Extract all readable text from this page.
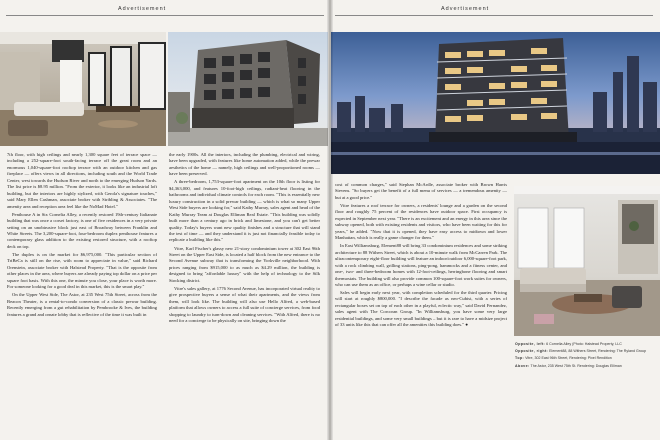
Advertisement

7th floor, with high ceilings and nearly 1,300 square feet of terrace space — including a 252-square-foot south-facing terrace off the great room and an enormous 1,040-square-foot rooftop terrace with an outdoor kitchen and gas fireplace — offers views in all directions, including south and the World Trade Center, west towards the Hudson River and north to the emerging Hudson Yards. The list price is $8.95 million. "From the exterior, it looks like an industrial loft building, but the interiors are highly stylized, with Gerola's signature touches," said Mary Ellen Cashman, associate broker with Stribling & Associates. "The amenity area and reception area feel like the NoMad Hotel."

Penthouse A in Six Cornelia Alley, a recently restored 19th-century Italianate building that was once a corset factory, is one of five residences in a very private setting on an unobtrusive block just east of Broadway between Franklin and White Streets. The 3,200-square-foot, four-bedroom duplex penthouse features a contemporary glass addition to the existing restored structure, with a rooftop deck on top.

The duplex is on the market for $6,975,000. "This particular section of TriBeCa is still on the rise, with room to appreciate in value," said Richard Orenstein, associate broker with Halstead Property. "That is the opposite from other places in the area, where buyers are already paying top dollar on a price per square foot basis. With this one, the minute you close, your place is worth more. For someone looking for a good deal in this market, this is the smart play."

On the Upper West Side, The Astor, at 235 West 75th Street, across from the Beacon Theater, is a rental-to-condo conversion of a classic prewar building. Recently emerging from a gut rehabilitation by Pembrooke & Ives, the building features a grand and ornate lobby that is reflective of the time it was built in

the early 1900s. All the interiors, including the plumbing, electrical and wiring, have been upgraded, with features like home automation added, while the prewar aesthetics of the home — namely, high ceilings and well-proportioned rooms — have been preserved.

A three-bedroom, 1,753-square-foot apartment on the 10th floor is listing for $4,363,000, and features 10-foot-high ceilings, radiant-heat flooring in the bathrooms and individual climate controls for each room. "This is essentially new luxury construction in a solid prewar building — which is what so many Upper West Side buyers are looking for," said Kathy Murray, sales agent and head of the Kathy Murray Team at Douglas Elliman Real Estate. "This building was solidly built more than a century ago in brick and limestone, and you can't get better quality. Today's buyers want new quality finishes and a structure that will stand the test of time — and they understand it is just not financially feasible today to replicate a building like this."

Vitre, Karl Fischer's glassy new 21-story condominium tower at 302 East 96th Street on the Upper East Side, is located a half block from the new entrance to the Second Avenue subway that is transforming the Yorkville neighborhood. With prices ranging from $915,000 to as much as $4.29 million, the building is designed to bring "affordable luxury" with the help of technology to the Silk Stocking district.

Vitre's sales gallery, at 1776 Second Avenue, has incorporated virtual reality to give prospective buyers a sense of what their apartments, and the views from them, will look like. The building will also use Hello Alfred, a web-based platform that allows owners to access a full suite of concierge services, from food shopping to laundry to turn-down and cleaning services. "With Alfred, there is no need for a concierge to be physically on site, bringing down the

Advertisement

cost of common charges," said Stephan McArdle, associate broker with Brown Harris Stevens. "So buyers get the benefit of a full menu of services — a tremendous amenity — but at a good price."

Vitre features a roof terrace for owners, a residents' lounge and a garden on the second floor and roughly 75 percent of the residences have outdoor space. First occupancy is expected in September next year. "There is an excitement and an energy in this area since the subway opened, both with existing residents and visitors, who have been waiting for this for years," he added. "Now that it is opened, they have easy access to midtown and lower Manhattan, which is really a game changer for them."

In East Williamsburg, Element88 will bring 33 condominium residences and some striking architecture to 88 Withers Street, which is about a 10-minute walk from McCarren Park. The ultracontemporary eight-floor building will feature an indoor/outdoor 6,000-square-foot park, with a rock climbing wall, grilling stations, ping-pong, hammocks and a fitness center, and one-, two- and three-bedroom homes with 12-foot-ceilings, herringbone flooring and smart thermostats. The building will also provide common 100-square-foot work suites for owners, who can use them as an office, or perhaps a wine cellar or studio.

Sales will begin early next year, with completion scheduled for the third quarter. Pricing will start at roughly $800,000. "I describe the facade as neo-Cubist, with a series of rectangular boxes set on top of each other in a playful, eclectic way," said David Fernandez, sales agent with The Corcoran Group. "In Williamsburg, you have some very large residential buildings, and some very small buildings – but it is rare to have a midsize project of 33 units like this that can offer all the amenities this building does." ●

Opposite, left: 6 Cornelia Alley (Photo: Halstead Property, LLC
Opposite, right: Element88, 88 Withers Street, Rendering: The Ryland Group
Top: Vitre, 302 East 96th Street, Rendering: Pixel Rendition
Above: The Astor, 235 West 75th St. Rendering: Douglas Elliman
